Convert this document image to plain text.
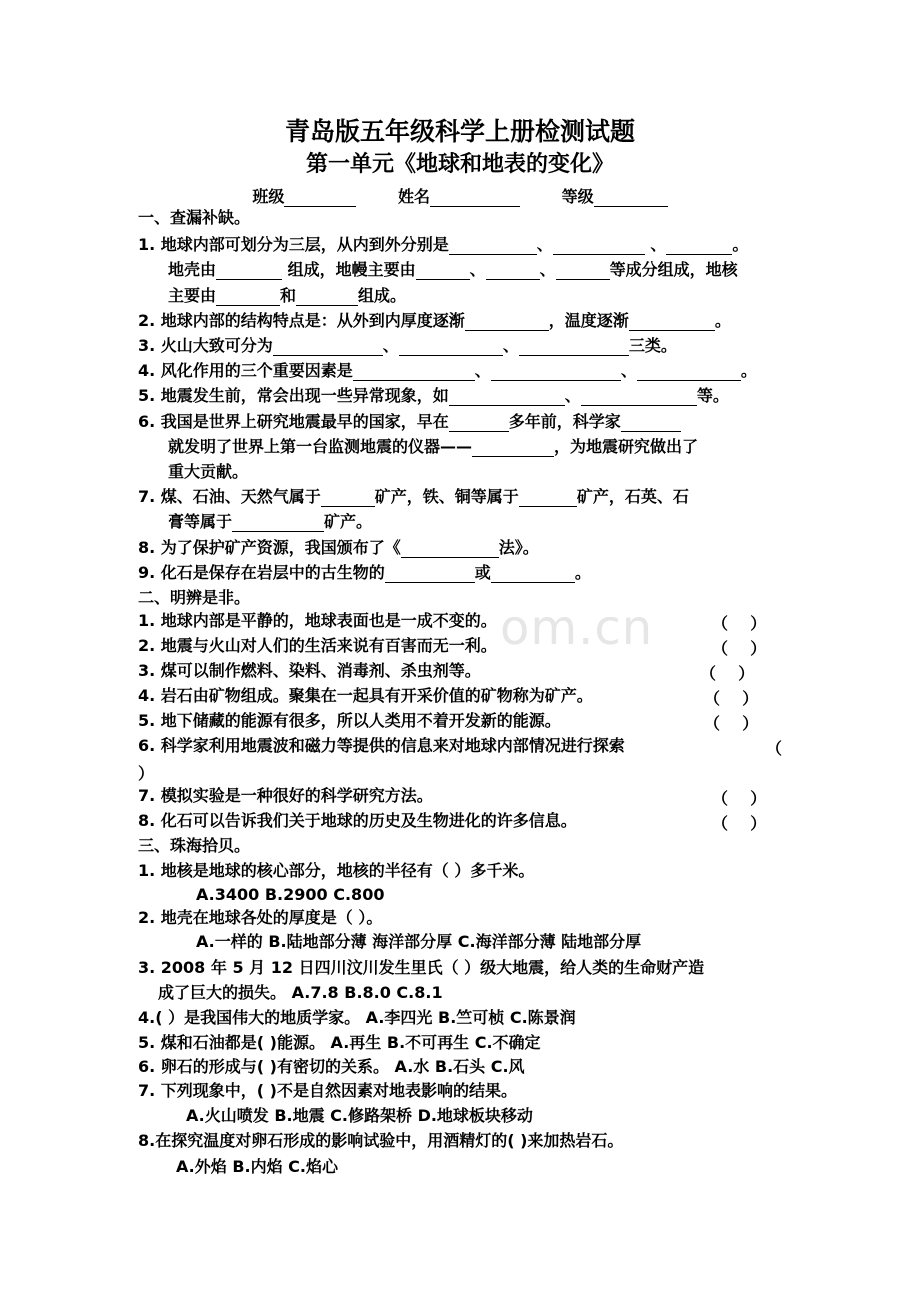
om.cn
青岛版五年级科学上册检测试题
第一单元《地球和地表的变化》
班级	姓名	等级
一、查漏补缺。
1. 地球内部可划分为三层，从内到外分别是	、	、	。
地壳由	组成，地幔主要由	、	、	等成分组成，地核
主要由	和	组成。
2. 地球内部的结构特点是：从外到内厚度逐渐	，温度逐渐	。
3. 火山大致可分为	、	、	三类。
4. 风化作用的三个重要因素是	、	、	。
5. 地震发生前，常会出现一些异常现象，如	、	等。
6. 我国是世界上研究地震最早的国家，早在	多年前，科学家
就发明了世界上第一台监测地震的仪器——	，为地震研究做出了
重大贡献。
7. 煤、石油、天然气属于	矿产，铁、铜等属于	矿产，石英、石
膏等属于	矿产。
8. 为了保护矿产资源，我国颁布了《	法》。
9. 化石是保存在岩层中的古生物的	或	。
二、明辨是非。
1. 地球内部是平静的，地球表面也是一成不变的。	（ ）
2. 地震与火山对人们的生活来说有百害而无一利。	（ ）
3. 煤可以制作燃料、染料、消毒剂、杀虫剂等。	（ ）
4. 岩石由矿物组成。聚集在一起具有开采价值的矿物称为矿产。	（ ）
5. 地下储藏的能源有很多，所以人类用不着开发新的能源。	（ ）
6. 科学家利用地震波和磁力等提供的信息来对地球内部情况进行探索	（
）
7. 模拟实验是一种很好的科学研究方法。	（ ）
8. 化石可以告诉我们关于地球的历史及生物进化的许多信息。	（ ）
三、珠海拾贝。
1. 地核是地球的核心部分，地核的半径有（ ）多千米。
A.3400 B.2900 C.800
2. 地壳在地球各处的厚度是（ ）。
A.一样的 B.陆地部分薄 海洋部分厚 C.海洋部分薄 陆地部分厚
3. 2008 年 5 月 12 日四川汶川发生里氏（ ）级大地震，给人类的生命财产造
成了巨大的损失。 A.7.8 B.8.0 C.8.1
4.( ）是我国伟大的地质学家。 A.李四光 B.竺可桢 C.陈景润
5. 煤和石油都是( )能源。 A.再生 B.不可再生 C.不确定
6. 卵石的形成与( )有密切的关系。 A.水 B.石头 C.风
7. 下列现象中，( )不是自然因素对地表影响的结果。
A.火山喷发 B.地震 C.修路架桥 D.地球板块移动
8.在探究温度对卵石形成的影响试验中，用酒精灯的( )来加热岩石。
A.外焰 B.内焰 C.焰心
